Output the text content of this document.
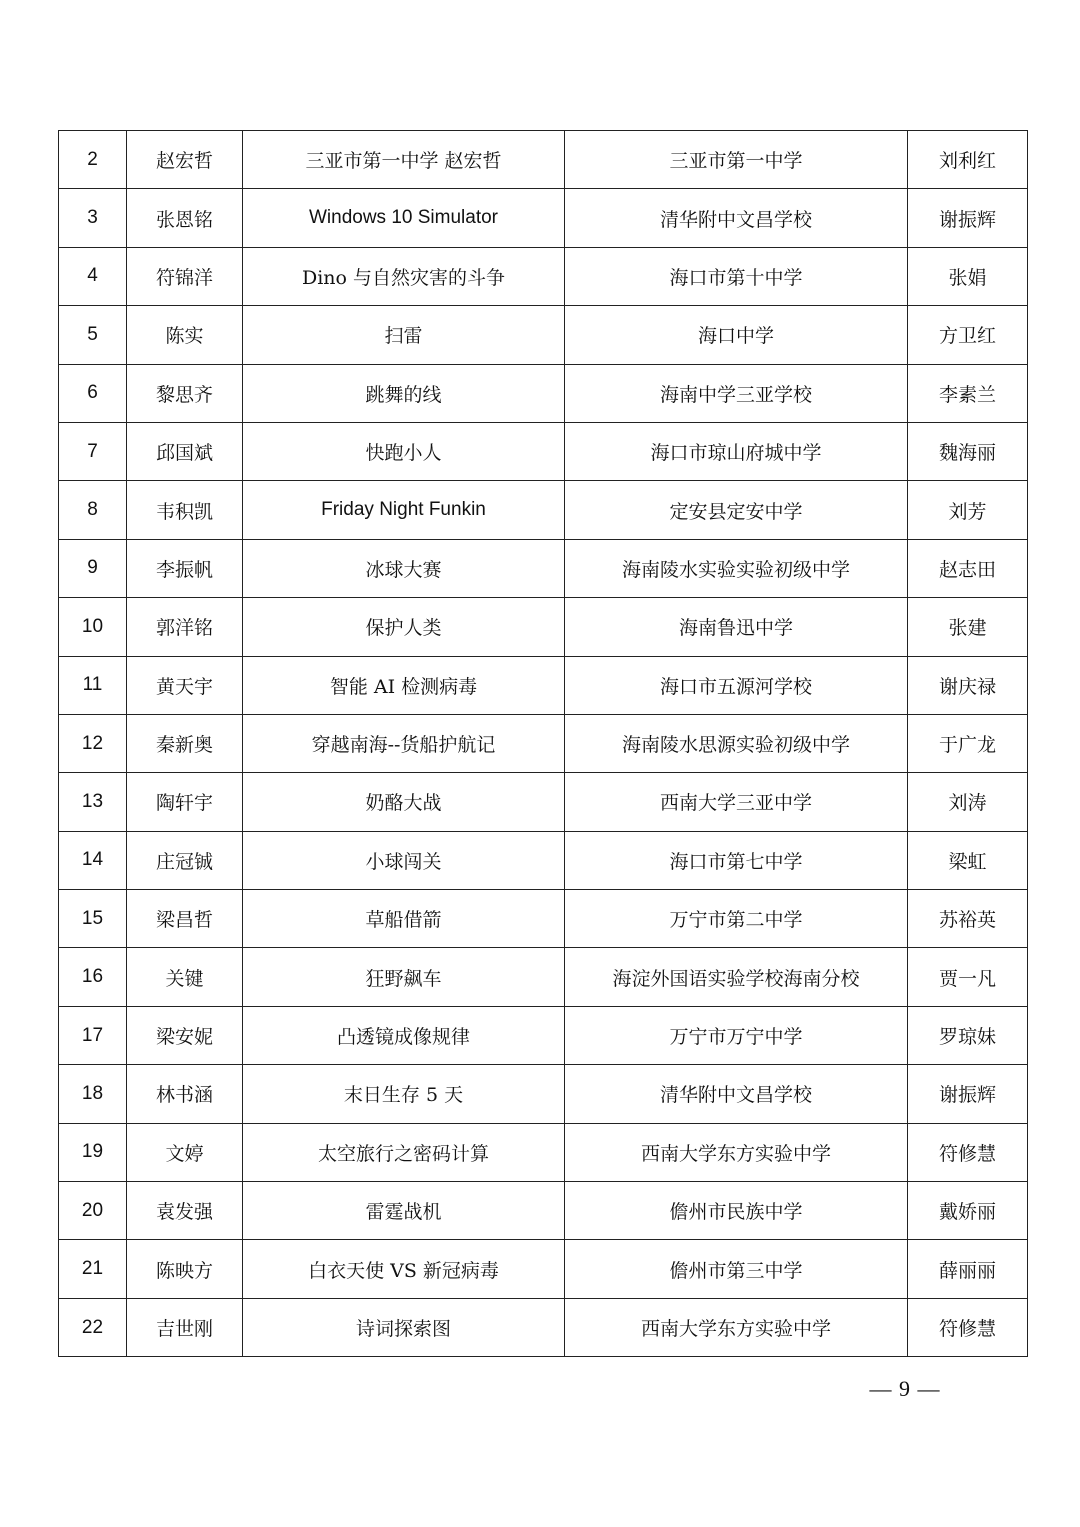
2	赵宏哲	三亚市第一中学 赵宏哲	三亚市第一中学	刘利红
3	张恩铭	Windows 10 Simulator	清华附中文昌学校	谢振辉
4	符锦洋	Dino 与自然灾害的斗争	海口市第十中学	张娟
5	陈实	扫雷	海口中学	方卫红
6	黎思齐	跳舞的线	海南中学三亚学校	李素兰
7	邱国斌	快跑小人	海口市琼山府城中学	魏海丽
8	韦积凯	Friday Night Funkin	定安县定安中学	刘芳
9	李振帆	冰球大赛	海南陵水实验实验初级中学	赵志田
10	郭洋铭	保护人类	海南鲁迅中学	张建
11	黄天宇	智能 AI 检测病毒	海口市五源河学校	谢庆禄
12	秦新奥	穿越南海--货船护航记	海南陵水思源实验初级中学	于广龙
13	陶轩宇	奶酪大战	西南大学三亚中学	刘涛
14	庄冠铖	小球闯关	海口市第七中学	梁虹
15	梁昌哲	草船借箭	万宁市第二中学	苏裕英
16	关键	狂野飙车	海淀外国语实验学校海南分校	贾一凡
17	梁安妮	凸透镜成像规律	万宁市万宁中学	罗琼妹
18	林书涵	末日生存 5 天	清华附中文昌学校	谢振辉
19	文婷	太空旅行之密码计算	西南大学东方实验中学	符修慧
20	袁发强	雷霆战机	儋州市民族中学	戴娇丽
21	陈映方	白衣天使 VS 新冠病毒	儋州市第三中学	薛丽丽
22	吉世刚	诗词探索图	西南大学东方实验中学	符修慧
— 9 —
